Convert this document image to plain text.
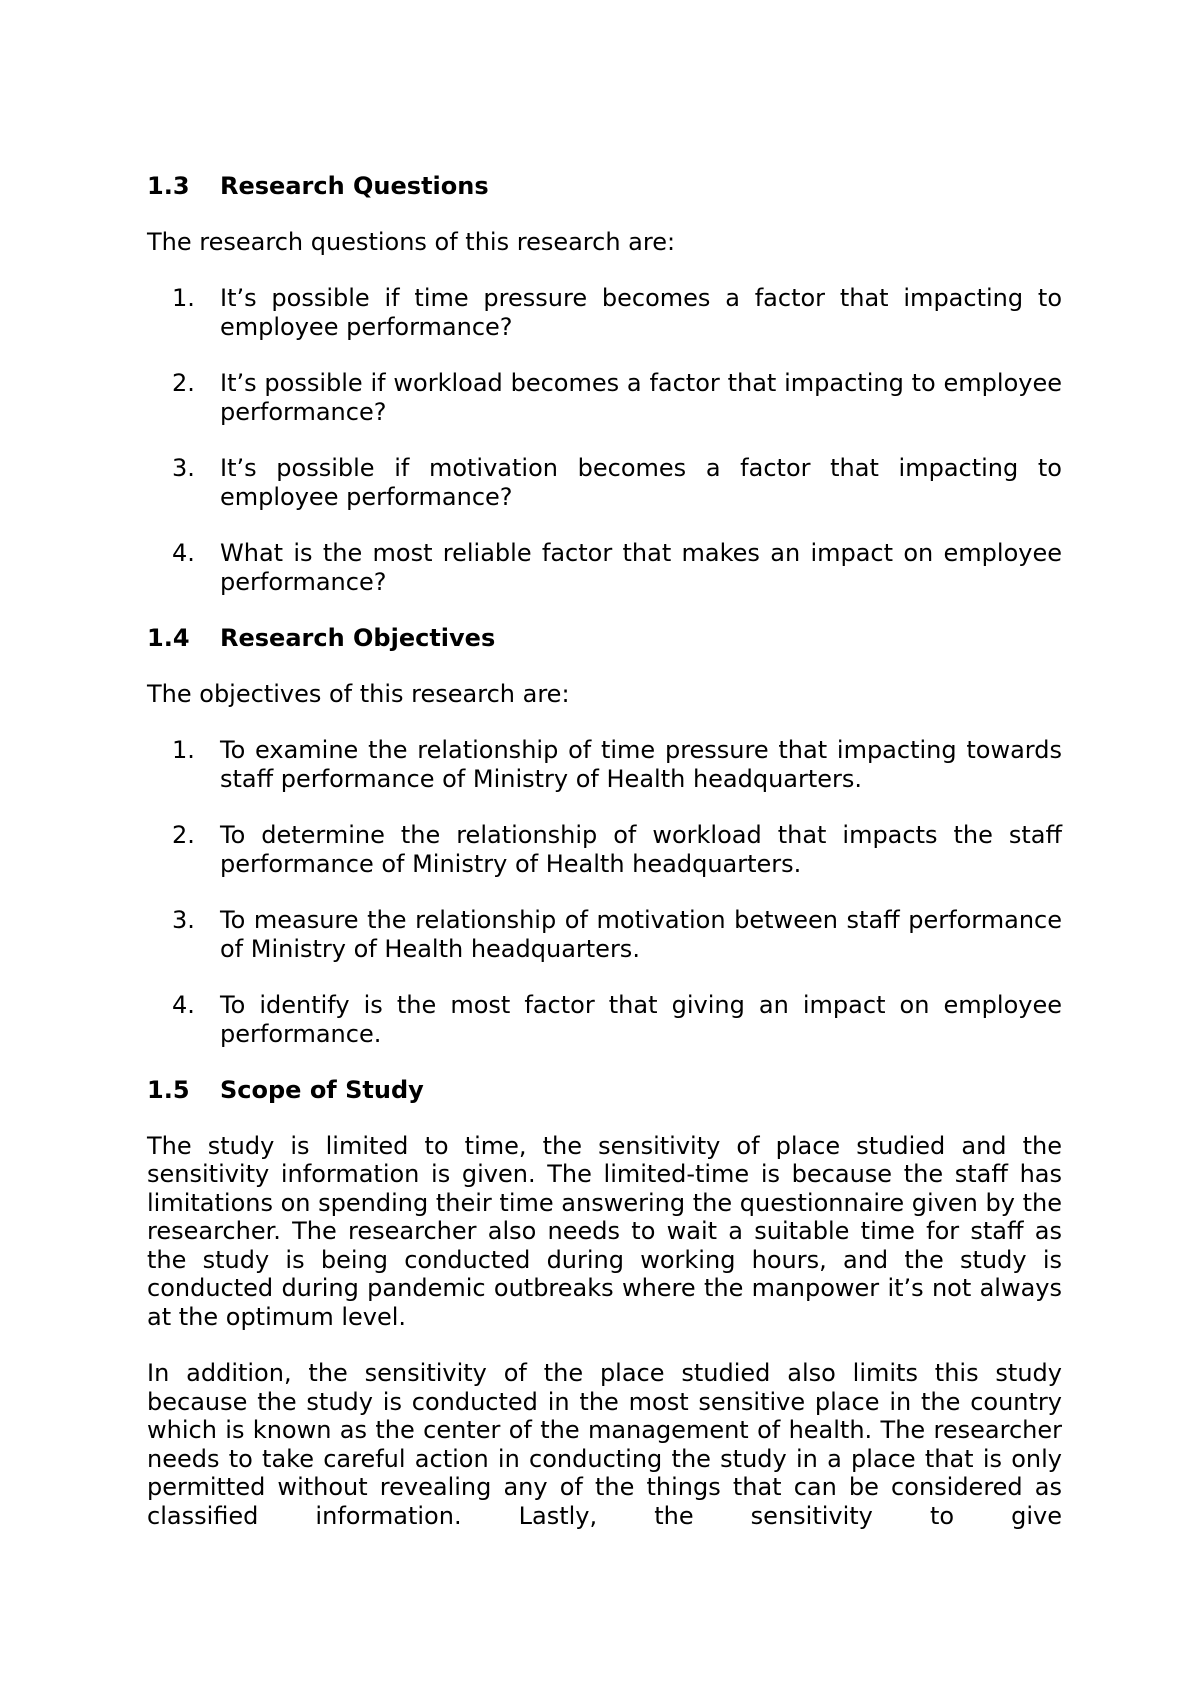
1.3	Research Questions
The research questions of this research are:
1.	It’s possible if time pressure becomes a factor that impacting to employee performance?
2.	It’s possible if workload becomes a factor that impacting to employee performance?
3.	It’s possible if motivation becomes a factor that impacting to employee performance?
4.	What is the most reliable factor that makes an impact on employee performance?
1.4	Research Objectives
The objectives of this research are:
1.	To examine the relationship of time pressure that impacting towards staff performance of Ministry of Health headquarters.
2.	To determine the relationship of workload that impacts the staff performance of Ministry of Health headquarters.
3.	To measure the relationship of motivation between staff performance of Ministry of Health headquarters.
4.	To identify is the most factor that giving an impact on employee performance.
1.5	Scope of Study

The study is limited to time, the sensitivity of place studied and the sensitivity information is given. The limited-time is because the staff has limitations on spending their time answering the questionnaire given by the researcher. The researcher also needs to wait a suitable time for staff as the study is being conducted during working hours, and the study is conducted during pandemic outbreaks where the manpower it’s not always at the optimum level.

In addition, the sensitivity of the place studied also limits this study because the study is conducted in the most sensitive place in the country which is known as the center of the management of health. The researcher needs to take careful action in conducting the study in a place that is only permitted without revealing any of the things that can be considered as classified information. Lastly, the sensitivity to give
